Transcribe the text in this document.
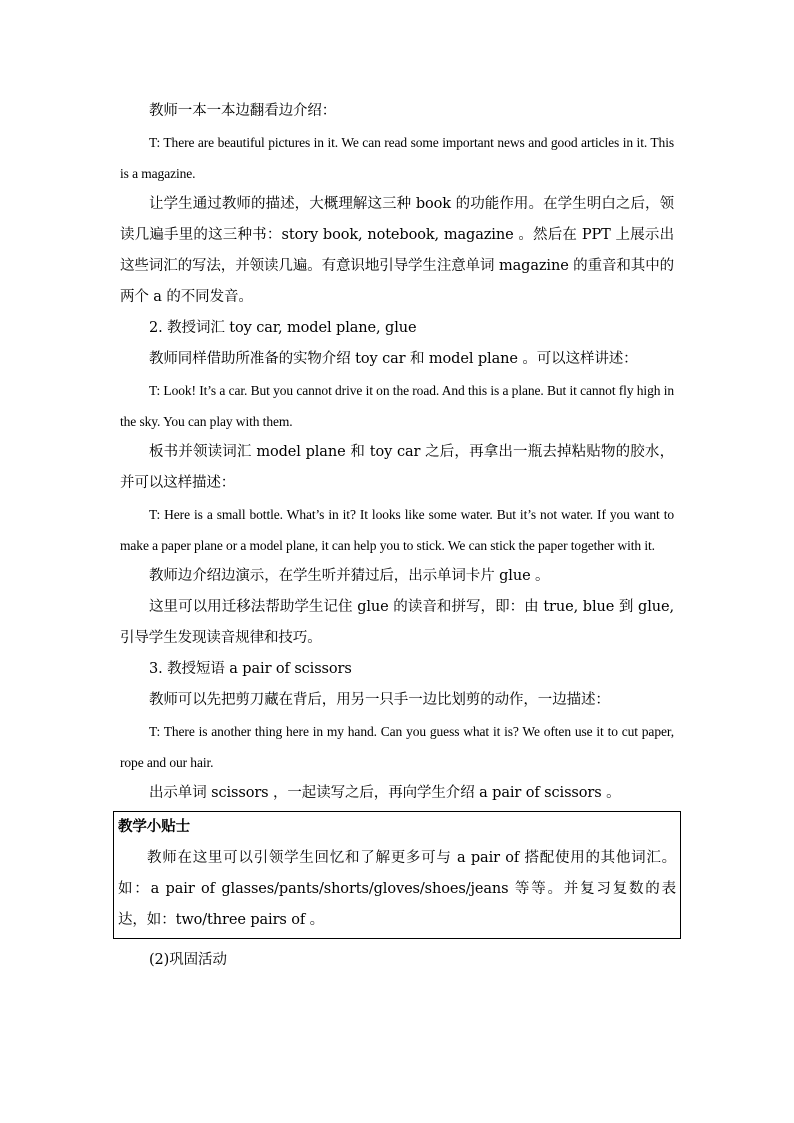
教师一本一本边翻看边介绍：

T: There are beautiful pictures in it. We can read some important news and good articles in it. This is a magazine.

让学生通过教师的描述，大概理解这三种 book 的功能作用。在学生明白之后，领读几遍手里的这三种书：story book, notebook, magazine 。然后在 PPT 上展示出这些词汇的写法，并领读几遍。有意识地引导学生注意单词 magazine 的重音和其中的两个 a 的不同发音。

2. 教授词汇 toy car, model plane, glue

教师同样借助所准备的实物介绍 toy car 和 model plane 。可以这样讲述：

T: Look! It’s a car. But you cannot drive it on the road. And this is a plane. But it cannot fly high in the sky. You can play with them.

板书并领读词汇 model plane 和 toy car 之后，再拿出一瓶去掉粘贴物的胶水，并可以这样描述：

T: Here is a small bottle. What’s in it? It looks like some water. But it’s not water. If you want to make a paper plane or a model plane, it can help you to stick. We can stick the paper together with it.

教师边介绍边演示，在学生听并猜过后，出示单词卡片 glue 。

这里可以用迁移法帮助学生记住 glue 的读音和拼写，即：由 true, blue 到 glue, 引导学生发现读音规律和技巧。

3. 教授短语 a pair of scissors

教师可以先把剪刀藏在背后，用另一只手一边比划剪的动作，一边描述：

T: There is another thing here in my hand. Can you guess what it is? We often use it to cut paper, rope and our hair.

出示单词 scissors ，一起读写之后，再向学生介绍 a pair of scissors 。

教学小贴士

教师在这里可以引领学生回忆和了解更多可与 a pair of 搭配使用的其他词汇。如：a pair of glasses/pants/shorts/gloves/shoes/jeans 等等。并复习复数的表达，如：two/three pairs of 。

(2)巩固活动
